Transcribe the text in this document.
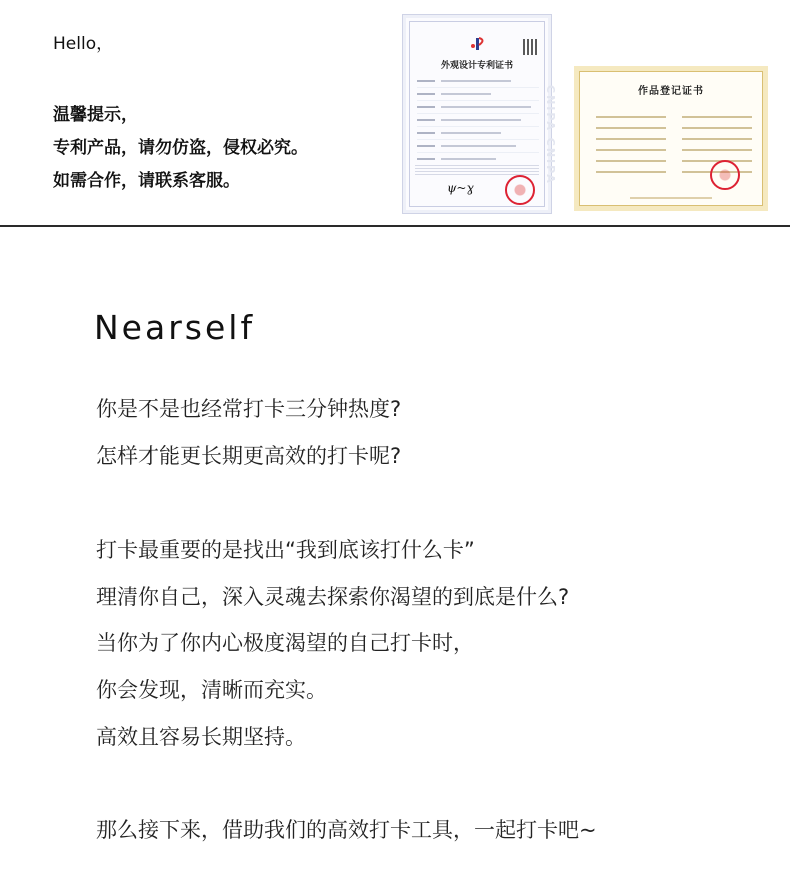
Hello，
温馨提示，
专利产品，请勿仿盗，侵权必究。
如需合作，请联系客服。	CNIPA CNIPA
外观设计专利证书
ψ~ɣ
作品登记证书
Nearself
你是不是也经常打卡三分钟热度?
怎样才能更长期更高效的打卡呢?
打卡最重要的是找出“我到底该打什么卡”
理清你自己，深入灵魂去探索你渴望的到底是什么?
当你为了你内心极度渴望的自己打卡时，
你会发现，清晰而充实。
高效且容易长期坚持。
那么接下来，借助我们的高效打卡工具，一起打卡吧~
